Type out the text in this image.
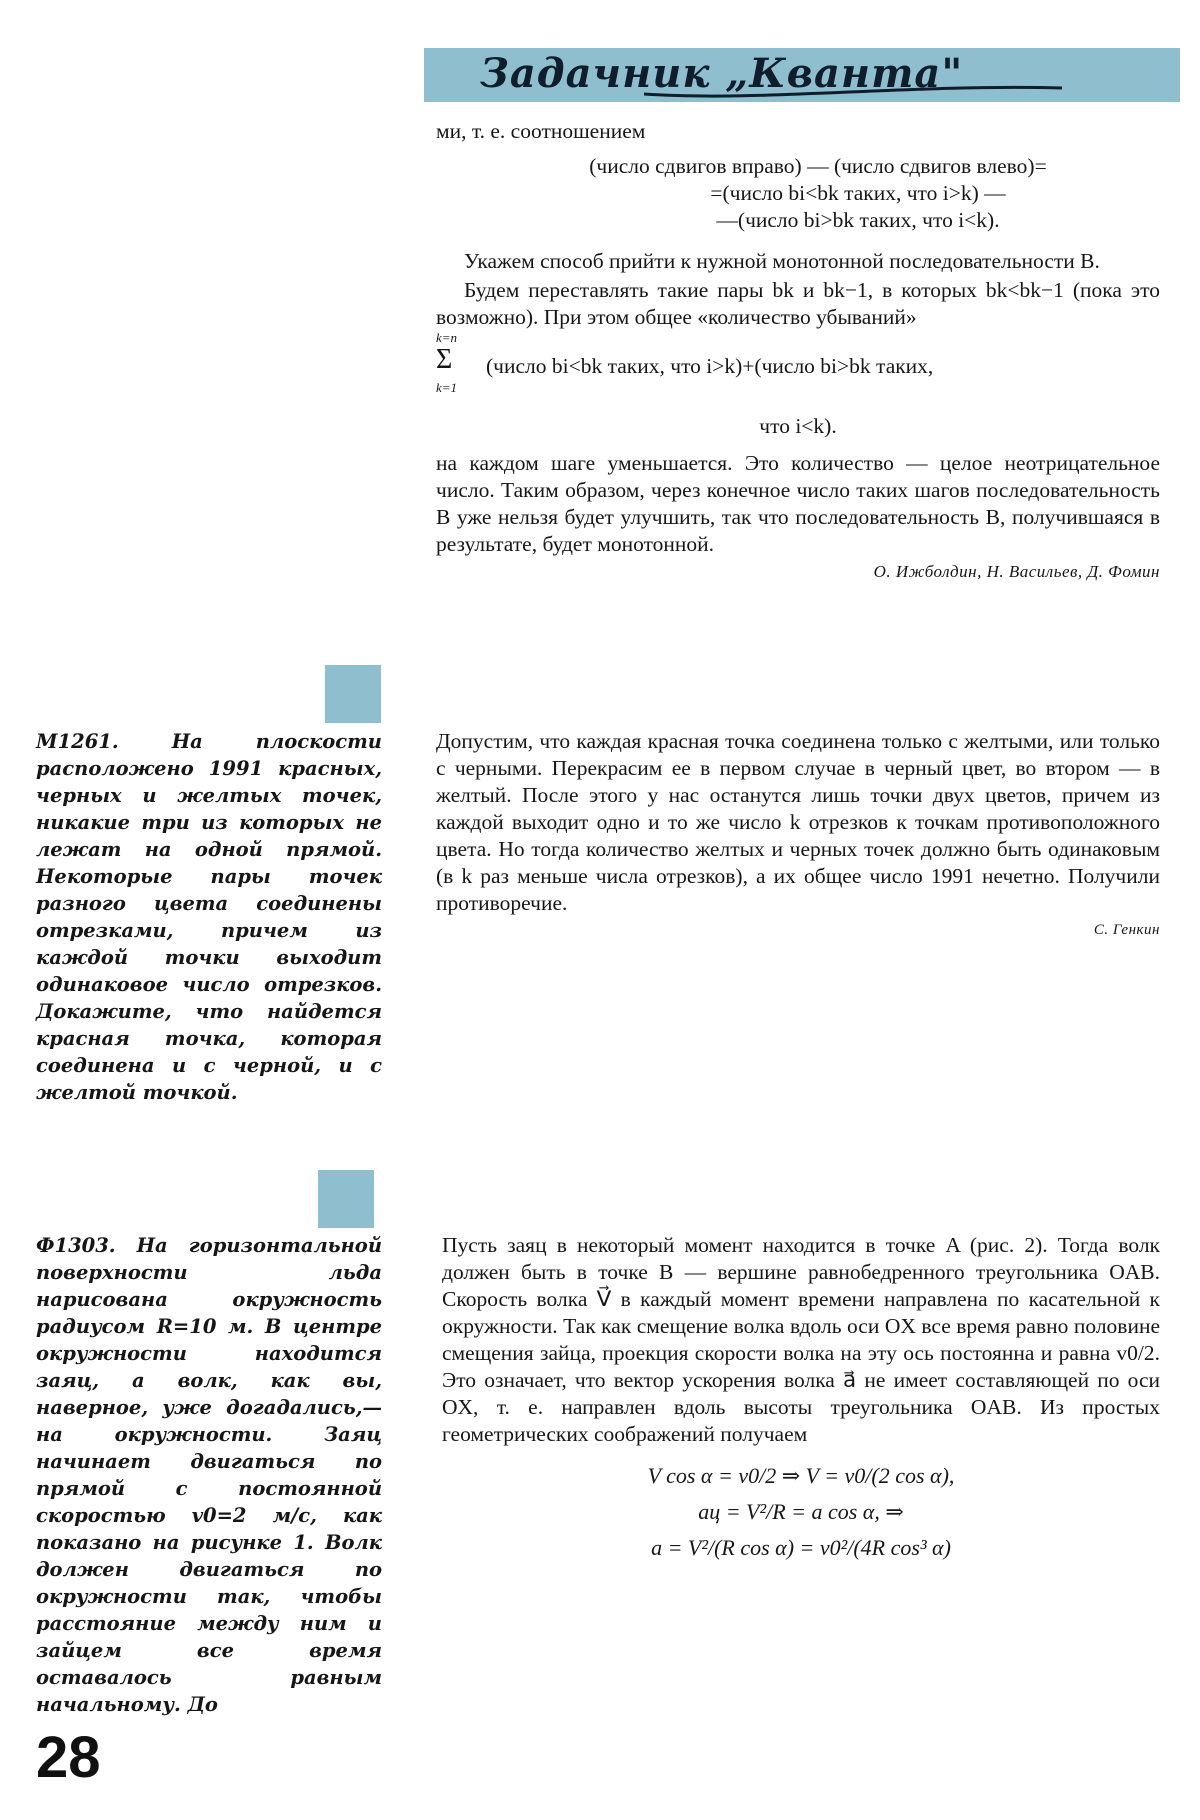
Задачник „Кванта"

ми, т. е. соотношением

(число сдвигов вправо) — (число сдвигов влево)=

=(число bi<bk таких, что i>k) —

—(число bi>bk таких, что i<k).

Укажем способ прийти к нужной монотонной последовательности B.

Будем переставлять такие пары bk и bk−1, в которых bk<bk−1 (пока это возможно). При этом общее «количество убываний»

k=n
Σ
k=1
(число bi<bk таких, что i>k)+(число bi>bk таких,

что i<k).

на каждом шаге уменьшается. Это количество — целое неотрицательное число. Таким образом, через конечное число таких шагов последовательность B уже нельзя будет улучшить, так что последовательность B, получившаяся в результате, будет монотонной.

О. Ижболдин, Н. Васильев, Д. Фомин

М1261.	На плоскости расположено 1991 красных, черных и желтых точек, никакие три из которых не лежат на одной прямой. Некоторые пары точек разного цвета соединены отрезками, причем из каждой точки выходит одинаковое число отрезков. Докажите, что найдется красная точка, которая соединена и с черной, и с желтой точкой.

Допустим, что каждая красная точка соединена только с желтыми, или только с черными. Перекрасим ее в первом случае в черный цвет, во втором — в желтый. После этого у нас останутся лишь точки двух цветов, причем из каждой выходит одно и то же число k отрезков к точкам противоположного цвета. Но тогда количество желтых и черных точек должно быть одинаковым (в k раз меньше числа отрезков), а их общее число 1991 нечетно. Получили противоречие.

С. Генкин

Ф1303. На горизонтальной поверхности льда нарисована окружность радиусом R=10 м. В центре окружности находится заяц, а волк, как вы, наверное, уже догадались,— на окружности. Заяц начинает двигаться по прямой с постоянной скоростью v0=2 м/с, как показано на рисунке 1. Волк должен двигаться по окружности так, чтобы расстояние между ним и зайцем все время оставалось равным начальному. До

Пусть заяц в некоторый момент находится в точке A (рис. 2). Тогда волк должен быть в точке B — вершине равнобедренного треугольника OAB. Скорость волка V⃗ в каждый момент времени направлена по касательной к окружности. Так как смещение волка вдоль оси OX все время равно половине смещения зайца, проекция скорости волка на эту ось постоянна и равна v0/2. Это означает, что вектор ускорения волка a⃗ не имеет составляющей по оси OX, т. е. направлен вдоль высоты треугольника OAB. Из простых геометрических соображений получаем

V cos α = v0/2 ⇒ V = v0/(2 cos α),

aц = V²/R = a cos α, ⇒

a = V²/(R cos α) = v0²/(4R cos³ α)

28
